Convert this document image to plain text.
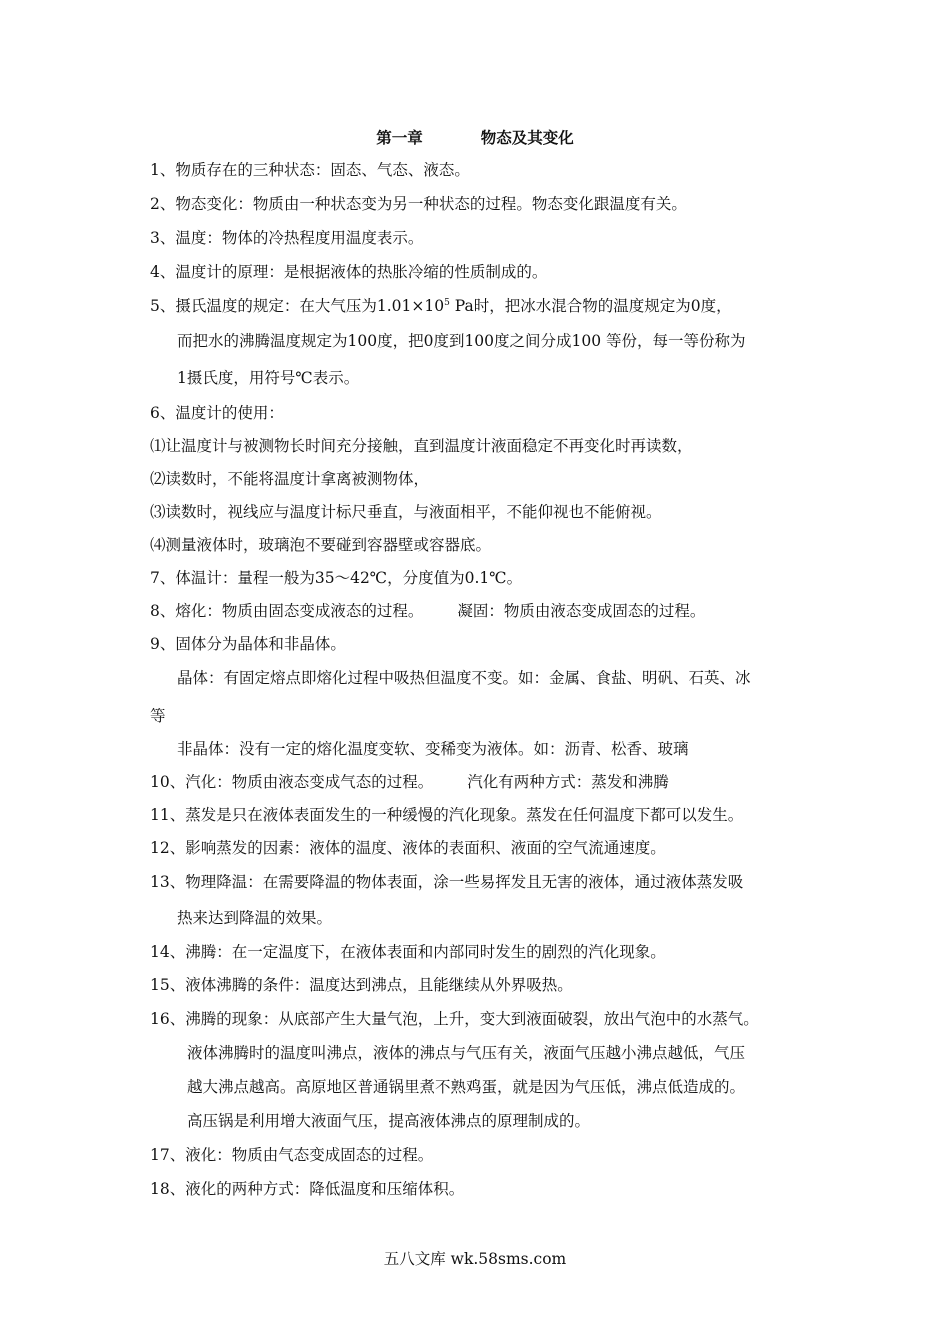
第一章	物态及其变化
1、物质存在的三种状态：固态、气态、液态。
2、物态变化：物质由一种状态变为另一种状态的过程。物态变化跟温度有关。
3、温度：物体的冷热程度用温度表示。
4、温度计的原理：是根据液体的热胀冷缩的性质制成的。
5、摄氏温度的规定：在大气压为$1.01\times 10^5$ Pa时，把冰水混合物的温度规定为0度，
而把水的沸腾温度规定为100度，把0度到100度之间分成100 等份，每一等份称为
1摄氏度，用符号℃表示。
6、温度计的使用：
⑴让温度计与被测物长时间充分接触，直到温度计液面稳定不再变化时再读数，
⑵读数时，不能将温度计拿离被测物体，
⑶读数时，视线应与温度计标尺垂直，与液面相平，不能仰视也不能俯视。
⑷测量液体时，玻璃泡不要碰到容器壁或容器底。
7、体温计：量程一般为35～42℃，分度值为0.1℃。
8、熔化：物质由固态变成液态的过程。 凝固：物质由液态变成固态的过程。
9、固体分为晶体和非晶体。
晶体：有固定熔点即熔化过程中吸热但温度不变。如：金属、食盐、明矾、石英、冰
等
非晶体：没有一定的熔化温度变软、变稀变为液体。如：沥青、松香、玻璃
10、汽化：物质由液态变成气态的过程。 汽化有两种方式：蒸发和沸腾
11、蒸发是只在液体表面发生的一种缓慢的汽化现象。蒸发在任何温度下都可以发生。
12、影响蒸发的因素：液体的温度、液体的表面积、液面的空气流通速度。
13、物理降温：在需要降温的物体表面，涂一些易挥发且无害的液体，通过液体蒸发吸
热来达到降温的效果。
14、沸腾：在一定温度下，在液体表面和内部同时发生的剧烈的汽化现象。
15、液体沸腾的条件：温度达到沸点，且能继续从外界吸热。
16、沸腾的现象：从底部产生大量气泡，上升，变大到液面破裂，放出气泡中的水蒸气。
液体沸腾时的温度叫沸点，液体的沸点与气压有关，液面气压越小沸点越低，气压
越大沸点越高。高原地区普通锅里煮不熟鸡蛋，就是因为气压低，沸点低造成的。
高压锅是利用增大液面气压，提高液体沸点的原理制成的。
17、液化：物质由气态变成固态的过程。
18、液化的两种方式：降低温度和压缩体积。
五八文库 wk.58sms.com
